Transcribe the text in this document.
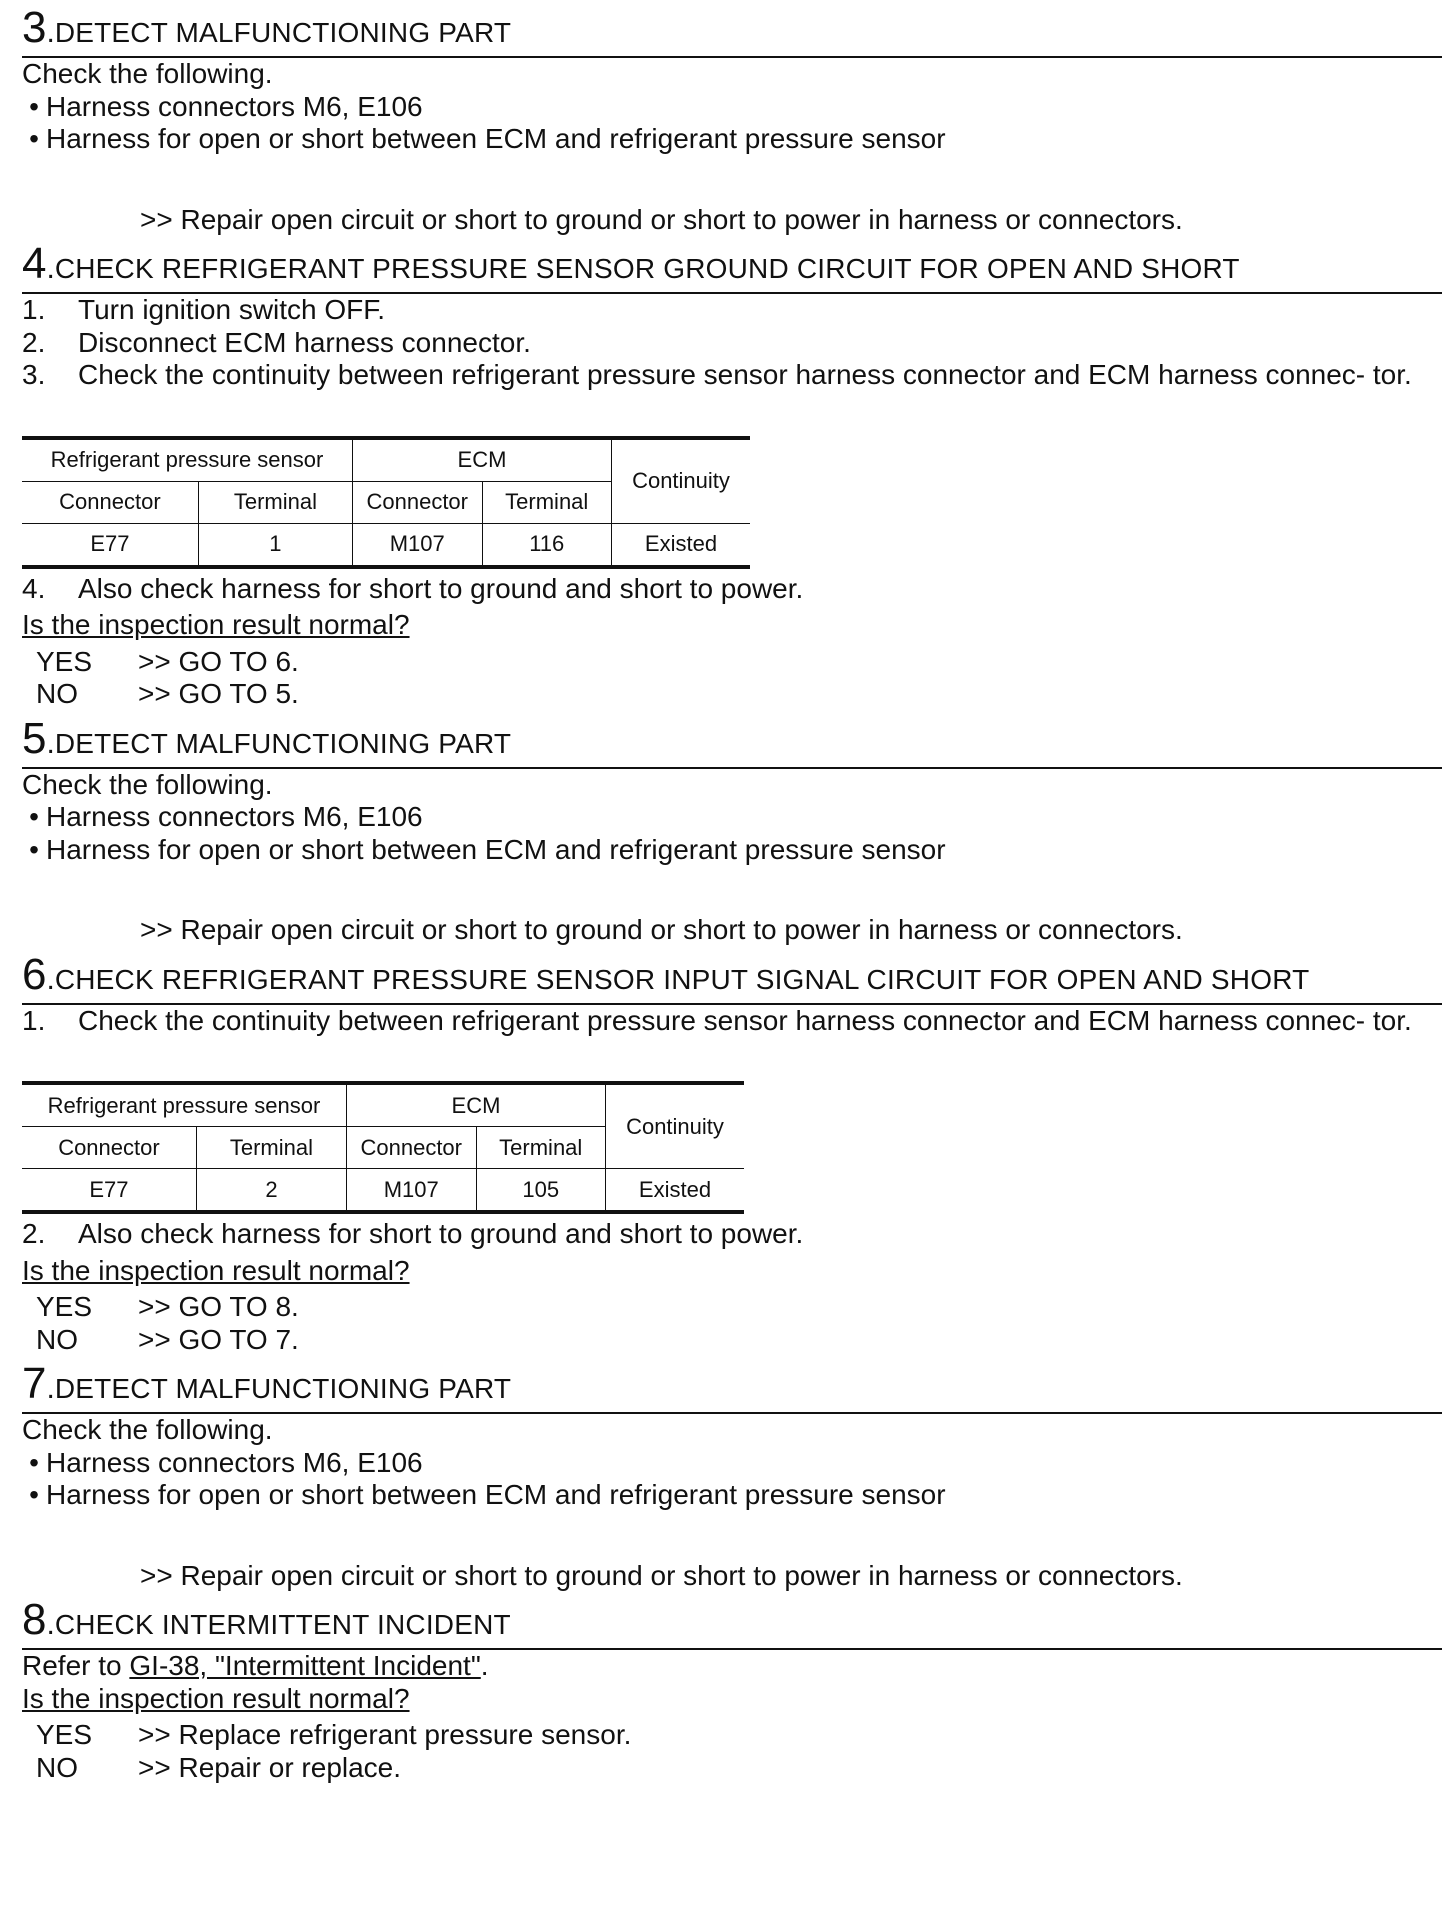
3 . DETECT MALFUNCTIONING PART
Check the following.
• Harness connectors M6, E106
• Harness for open or short between ECM and refrigerant pressure sensor
>> Repair open circuit or short to ground or short to power in harness or connectors.
4 . CHECK REFRIGERANT PRESSURE SENSOR GROUND CIRCUIT FOR OPEN AND SHORT
1.	Turn ignition switch OFF.
2.	Disconnect ECM harness connector.
3.	Check the continuity between refrigerant pressure sensor harness connector and ECM harness connec- tor.
Refrigerant pressure sensor		ECM		Continuity
Connector	Terminal	Connector	Terminal	
E77	1	M107	116	Existed
4.	Also check harness for short to ground and short to power.
Is the inspection result normal?
YES	>> GO TO 6.
NO	>> GO TO 5.
5 . DETECT MALFUNCTIONING PART
Check the following.
• Harness connectors M6, E106
• Harness for open or short between ECM and refrigerant pressure sensor
>> Repair open circuit or short to ground or short to power in harness or connectors.
6 . CHECK REFRIGERANT PRESSURE SENSOR INPUT SIGNAL CIRCUIT FOR OPEN AND SHORT
1.	Check the continuity between refrigerant pressure sensor harness connector and ECM harness connec- tor.
Refrigerant pressure sensor		ECM		Continuity
Connector	Terminal	Connector	Terminal	
E77	2	M107	105	Existed
2.	Also check harness for short to ground and short to power.
Is the inspection result normal?
YES	>> GO TO 8.
NO	>> GO TO 7.
7 . DETECT MALFUNCTIONING PART
Check the following.
• Harness connectors M6, E106
• Harness for open or short between ECM and refrigerant pressure sensor
>> Repair open circuit or short to ground or short to power in harness or connectors.
8 . CHECK INTERMITTENT INCIDENT
Refer to GI-38, "Intermittent Incident".
Is the inspection result normal?
YES	>> Replace refrigerant pressure sensor.
NO	>> Repair or replace.
